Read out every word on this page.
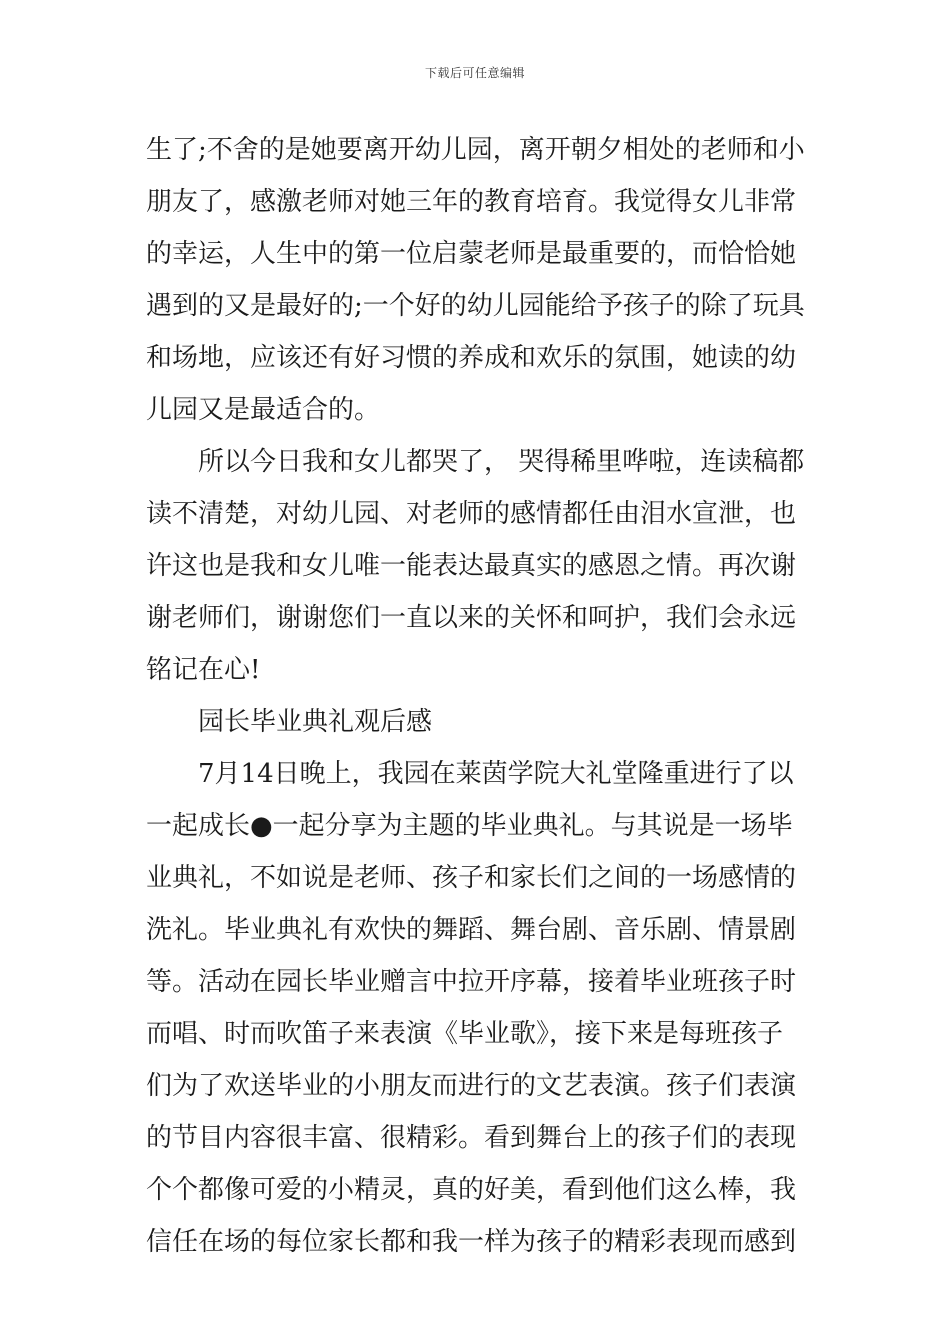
下载后可任意编辑
生了;不舍的是她要离开幼儿园，离开朝夕相处的老师和小
朋友了，感激老师对她三年的教育培育。我觉得女儿非常
的幸运，人生中的第一位启蒙老师是最重要的，而恰恰她
遇到的又是最好的;一个好的幼儿园能给予孩子的除了玩具
和场地，应该还有好习惯的养成和欢乐的氛围，她读的幼
儿园又是最适合的。
　　所以今日我和女儿都哭了， 哭得稀里哗啦，连读稿都
读不清楚，对幼儿园、对老师的感情都任由泪水宣泄，也
许这也是我和女儿唯一能表达最真实的感恩之情。再次谢
谢老师们，谢谢您们一直以来的关怀和呵护，我们会永远
铭记在心!
　　园长毕业典礼观后感
　　7月14日晚上，我园在莱茵学院大礼堂隆重进行了以
一起成长●一起分享为主题的毕业典礼。与其说是一场毕
业典礼，不如说是老师、孩子和家长们之间的一场感情的
洗礼。毕业典礼有欢快的舞蹈、舞台剧、音乐剧、情景剧
等。活动在园长毕业赠言中拉开序幕，接着毕业班孩子时
而唱、时而吹笛子来表演《毕业歌》，接下来是每班孩子
们为了欢送毕业的小朋友而进行的文艺表演。孩子们表演
的节目内容很丰富、很精彩。看到舞台上的孩子们的表现
个个都像可爱的小精灵，真的好美，看到他们这么棒，我
信任在场的每位家长都和我一样为孩子的精彩表现而感到
